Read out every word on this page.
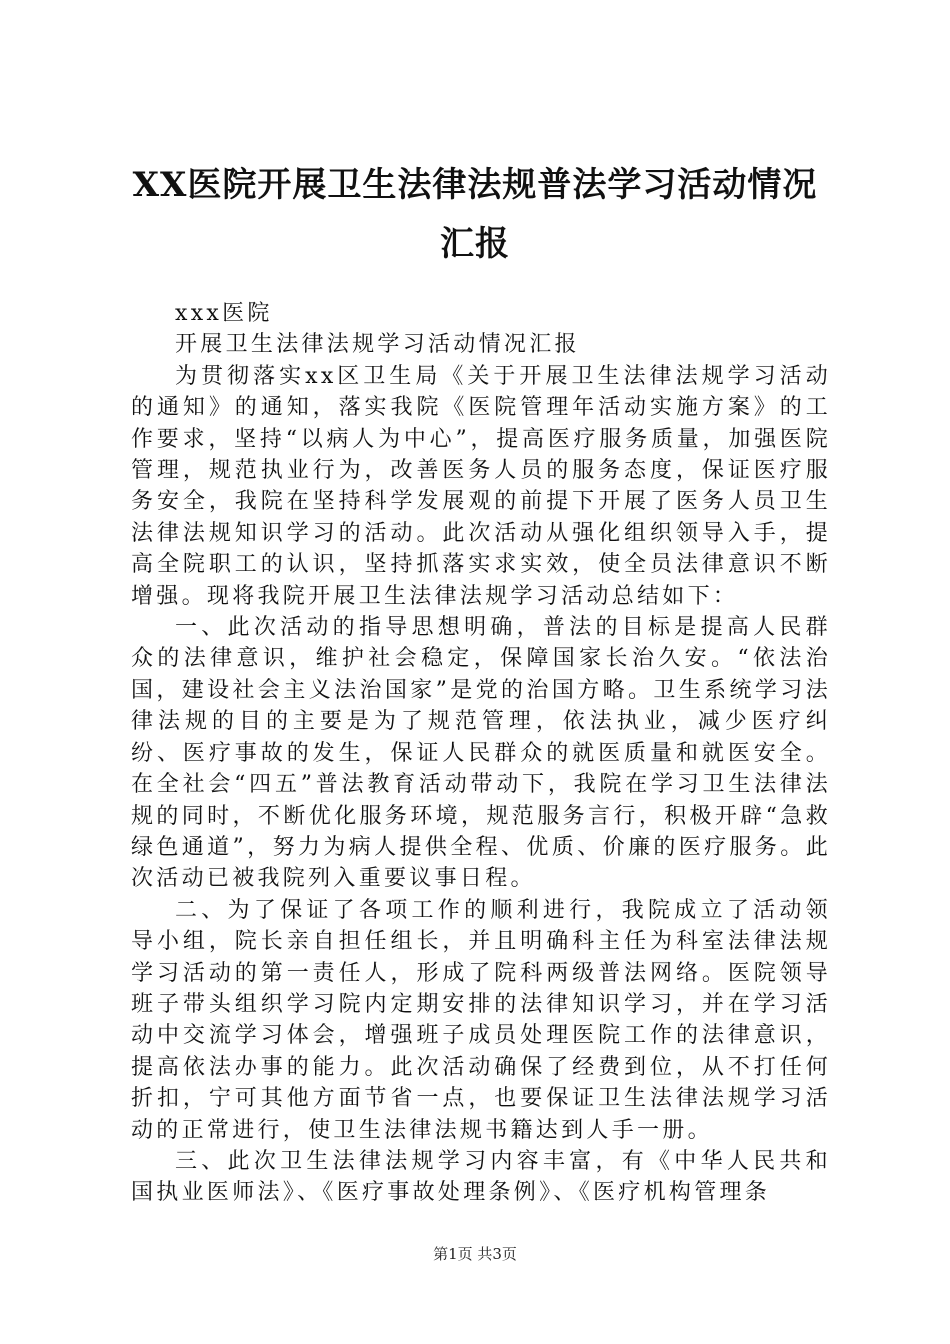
XX医院开展卫生法律法规普法学习活动情况
汇报

xxx医院

开展卫生法律法规学习活动情况汇报

为贯彻落实xx区卫生局《关于开展卫生法律法规学习活动的通知》的通知，落实我院《医院管理年活动实施方案》的工作要求，坚持“以病人为中心”，提高医疗服务质量，加强医院管理，规范执业行为，改善医务人员的服务态度，保证医疗服务安全，我院在坚持科学发展观的前提下开展了医务人员卫生法律法规知识学习的活动。此次活动从强化组织领导入手，提高全院职工的认识，坚持抓落实求实效，使全员法律意识不断增强。现将我院开展卫生法律法规学习活动总结如下：

一、此次活动的指导思想明确，普法的目标是提高人民群众的法律意识，维护社会稳定，保障国家长治久安。“依法治国，建设社会主义法治国家”是党的治国方略。卫生系统学习法律法规的目的主要是为了规范管理，依法执业，减少医疗纠纷、医疗事故的发生，保证人民群众的就医质量和就医安全。在全社会“四五”普法教育活动带动下，我院在学习卫生法律法规的同时，不断优化服务环境，规范服务言行，积极开辟“急救绿色通道”，努力为病人提供全程、优质、价廉的医疗服务。此次活动已被我院列入重要议事日程。

二、为了保证了各项工作的顺利进行，我院成立了活动领导小组，院长亲自担任组长，并且明确科主任为科室法律法规学习活动的第一责任人，形成了院科两级普法网络。医院领导班子带头组织学习院内定期安排的法律知识学习，并在学习活动中交流学习体会，增强班子成员处理医院工作的法律意识，提高依法办事的能力。此次活动确保了经费到位，从不打任何折扣，宁可其他方面节省一点，也要保证卫生法律法规学习活动的正常进行，使卫生法律法规书籍达到人手一册。

三、此次卫生法律法规学习内容丰富，有《中华人民共和国执业医师法》、《医疗事故处理条例》、《医疗机构管理条

第1页 共3页
